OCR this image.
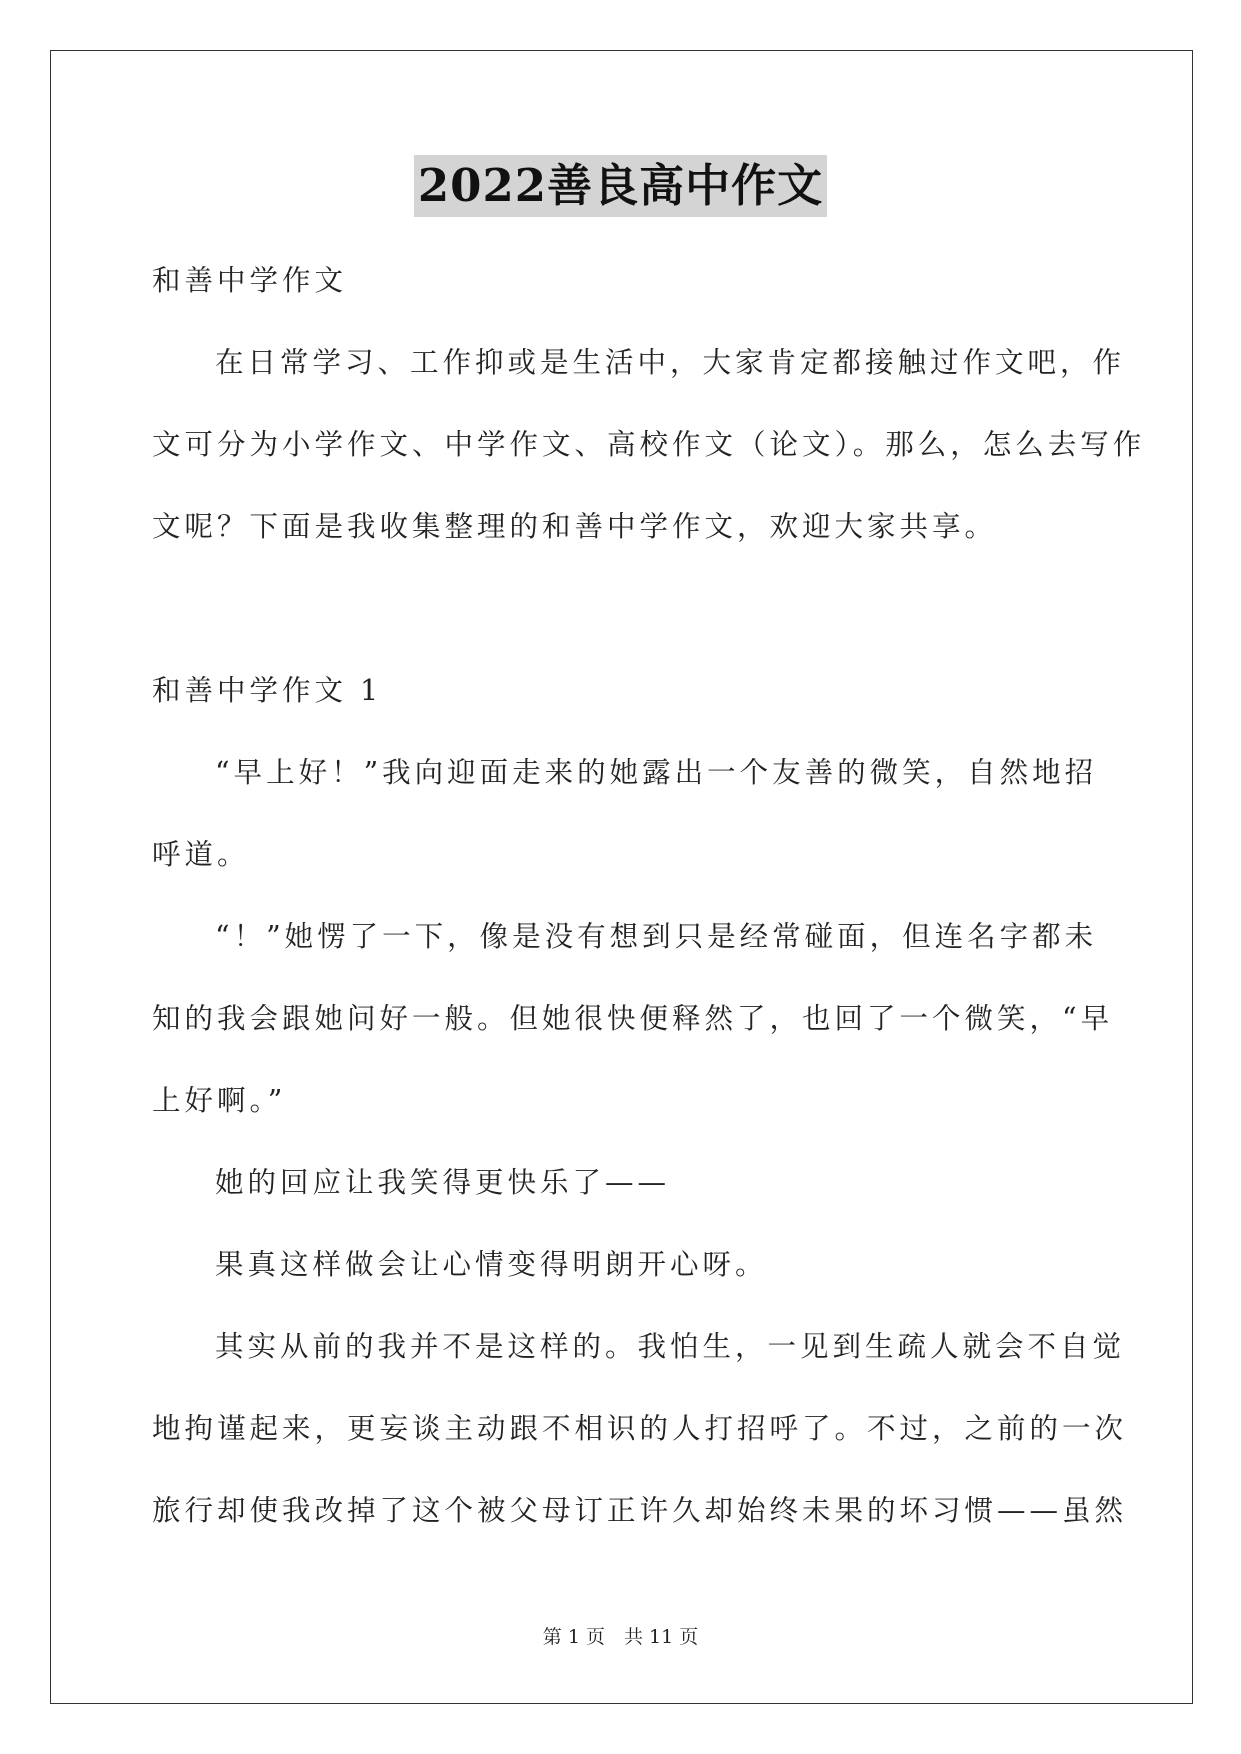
2022善良高中作文
和善中学作文
在日常学习、工作抑或是生活中，大家肯定都接触过作文吧，作
文可分为小学作文、中学作文、高校作文（论文）。那么，怎么去写作
文呢？下面是我收集整理的和善中学作文，欢迎大家共享。
和善中学作文 1
“早上好！”我向迎面走来的她露出一个友善的微笑，自然地招
呼道。
“！”她愣了一下，像是没有想到只是经常碰面，但连名字都未
知的我会跟她问好一般。但她很快便释然了，也回了一个微笑，“早
上好啊。”
她的回应让我笑得更快乐了——
果真这样做会让心情变得明朗开心呀。
其实从前的我并不是这样的。我怕生，一见到生疏人就会不自觉
地拘谨起来，更妄谈主动跟不相识的人打招呼了。不过，之前的一次
旅行却使我改掉了这个被父母订正许久却始终未果的坏习惯——虽然
第 1 页　共 11 页
